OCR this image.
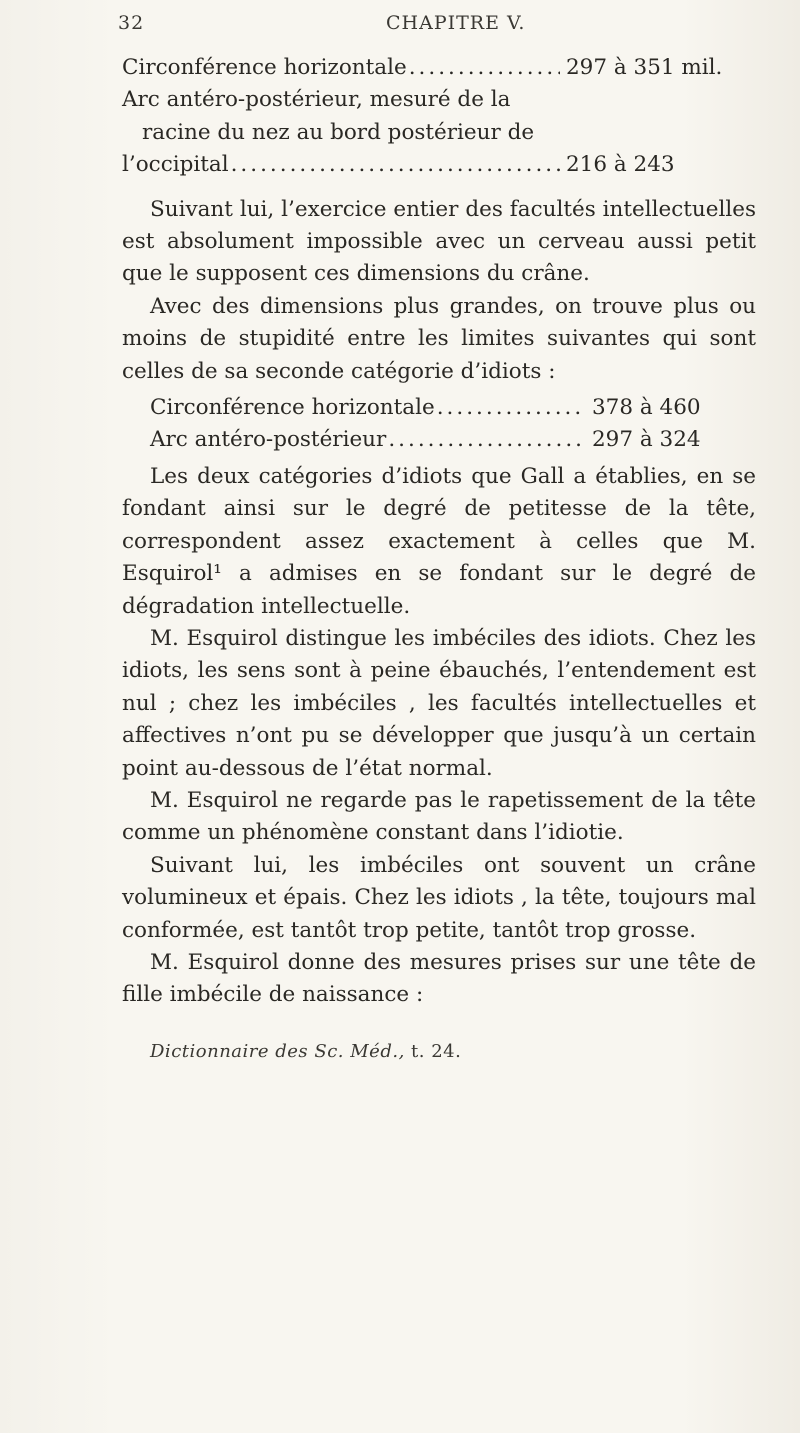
32	CHAPITRE V.
Circonférence horizontale .....	297 à 351 mil.
Arc antéro-postérieur, mesuré de la
racine du nez au bord postérieur de
l’occipital .....	216 à 243

Suivant lui, l’exercice entier des facultés intellectuelles est absolument impossible avec un cerveau aussi petit que le supposent ces dimensions du crâne.

Avec des dimensions plus grandes, on trouve plus ou moins de stupidité entre les limites suivantes qui sont celles de sa seconde catégorie d’idiots :

Circonférence horizontale .....	378 à 460
Arc antéro-postérieur .....	297 à 324

Les deux catégories d’idiots que Gall a établies, en se fondant ainsi sur le degré de petitesse de la tête, correspondent assez exactement à celles que M. Esquirol¹ a admises en se fondant sur le degré de dégradation intellectuelle.

M. Esquirol distingue les imbéciles des idiots. Chez les idiots, les sens sont à peine ébauchés, l’entendement est nul ; chez les imbéciles , les facultés intellectuelles et affectives n’ont pu se développer que jusqu’à un certain point au-dessous de l’état normal.

M. Esquirol ne regarde pas le rapetissement de la tête comme un phénomène constant dans l’idiotie.

Suivant lui, les imbéciles ont souvent un crâne volumineux et épais. Chez les idiots , la tête, toujours mal conformée, est tantôt trop petite, tantôt trop grosse.

M. Esquirol donne des mesures prises sur une tête de fille imbécile de naissance :

Dictionnaire des Sc. Méd., t. 24.
